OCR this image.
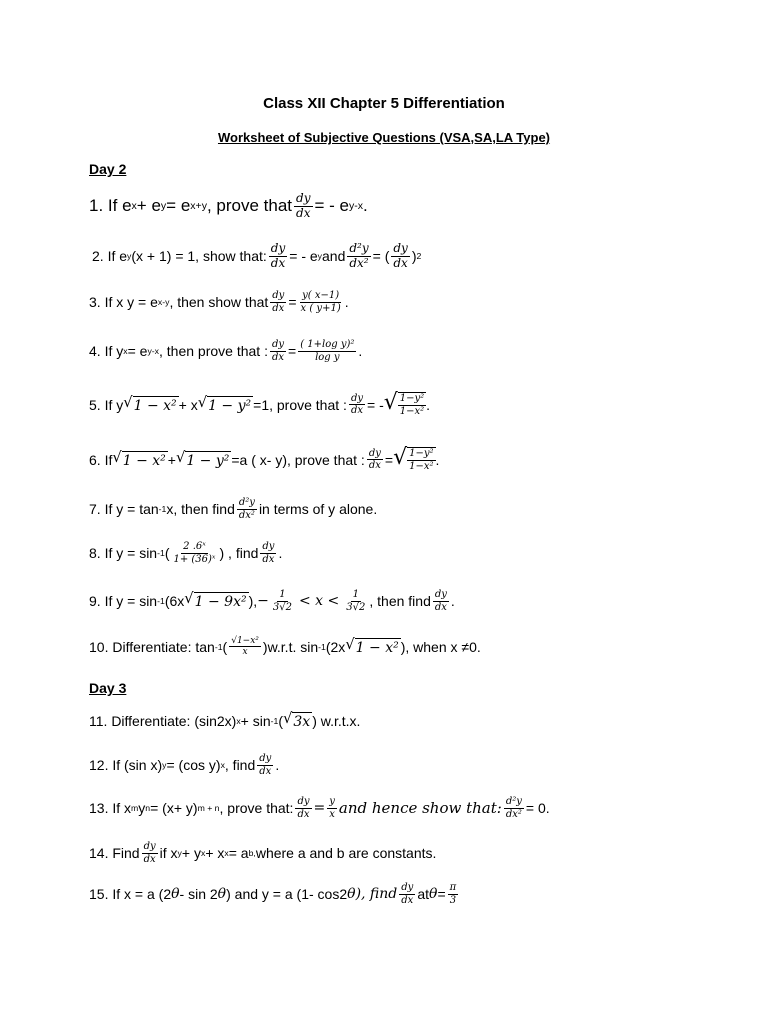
Class XII Chapter 5 Differentiation
Worksheet of Subjective Questions (VSA,SA,LA Type)
Day 2
1. If e x + e y = e x+y , prove that $\frac{dy}{dx}$ = - e y-x .
2. If e y (x + 1) = 1, show that: $\frac{dy}{dx}$ = - e y and $\frac{\text{d²y}}{\text{dx²}}$ = ( $\frac{dy}{dx}$ ) 2
3. If x y = e x-y , then show that $\frac{dy}{dx} = \frac{y( x-1)}{x ( y+1)}$ .
4. If y x = e y-x , then prove that : $\frac{dy}{dx} = \frac{\text{( 1+log y)²}}{\text{log y}}$ .
5. If y √ 1 − x² + x √ 1 − y² =1, prove that : $\frac{dy}{dx}$ = - √ $\frac{\text{1−y²}}{\text{1−x²}}$ .
6. If √ 1 − x² + √ 1 − y² =a ( x- y), prove that : $\frac{dy}{dx}$ = √ $\frac{\text{1−y²}}{\text{1−x²}}$ .
7. If y = tan -1 x, then find $\frac{\text{d²y}}{\text{dx²}}$ in terms of y alone.
8. If y = sin -1 ( $\frac{\text{2 .6ˣ}}{\text{1+ (36)ˣ}}$ ) , find $\frac{dy}{dx}$ .
9. If y = sin -1 (6x √ 1 − 9x² ), − $\frac{1}{3√2} < x < \frac{1}{3√2}$ , then find $\frac{dy}{dx}$ .
10. Differentiate: tan -1 ( $\frac{\text{√1−x²}}{x} )w.r.t$. sin -1 (2x √ 1 − x² ), when x ≠0.
Day 3
11. Differentiate: (sin2x) x + sin -1 ( √ 3x ) w.r.t.x.
12. If (sin x) y = (cos y) x , find $\frac{dy}{dx}$ .
13. If x m y n = (x+ y) m + n , prove that: $\frac{dy}{dx} = \frac{y}{x}$ and hence show that: $\frac{\text{d²y}}{\text{dx²}} = 0$.
14. Find $\frac{dy}{dx}$ if x y + y x + x x = a b, where a and b are constants.
15. If x = a (2 θ - sin 2 θ ) and y = a (1- cos2 θ ), find $\frac{dy}{dx}$ at $\theta = \frac{\pi}{3}$
